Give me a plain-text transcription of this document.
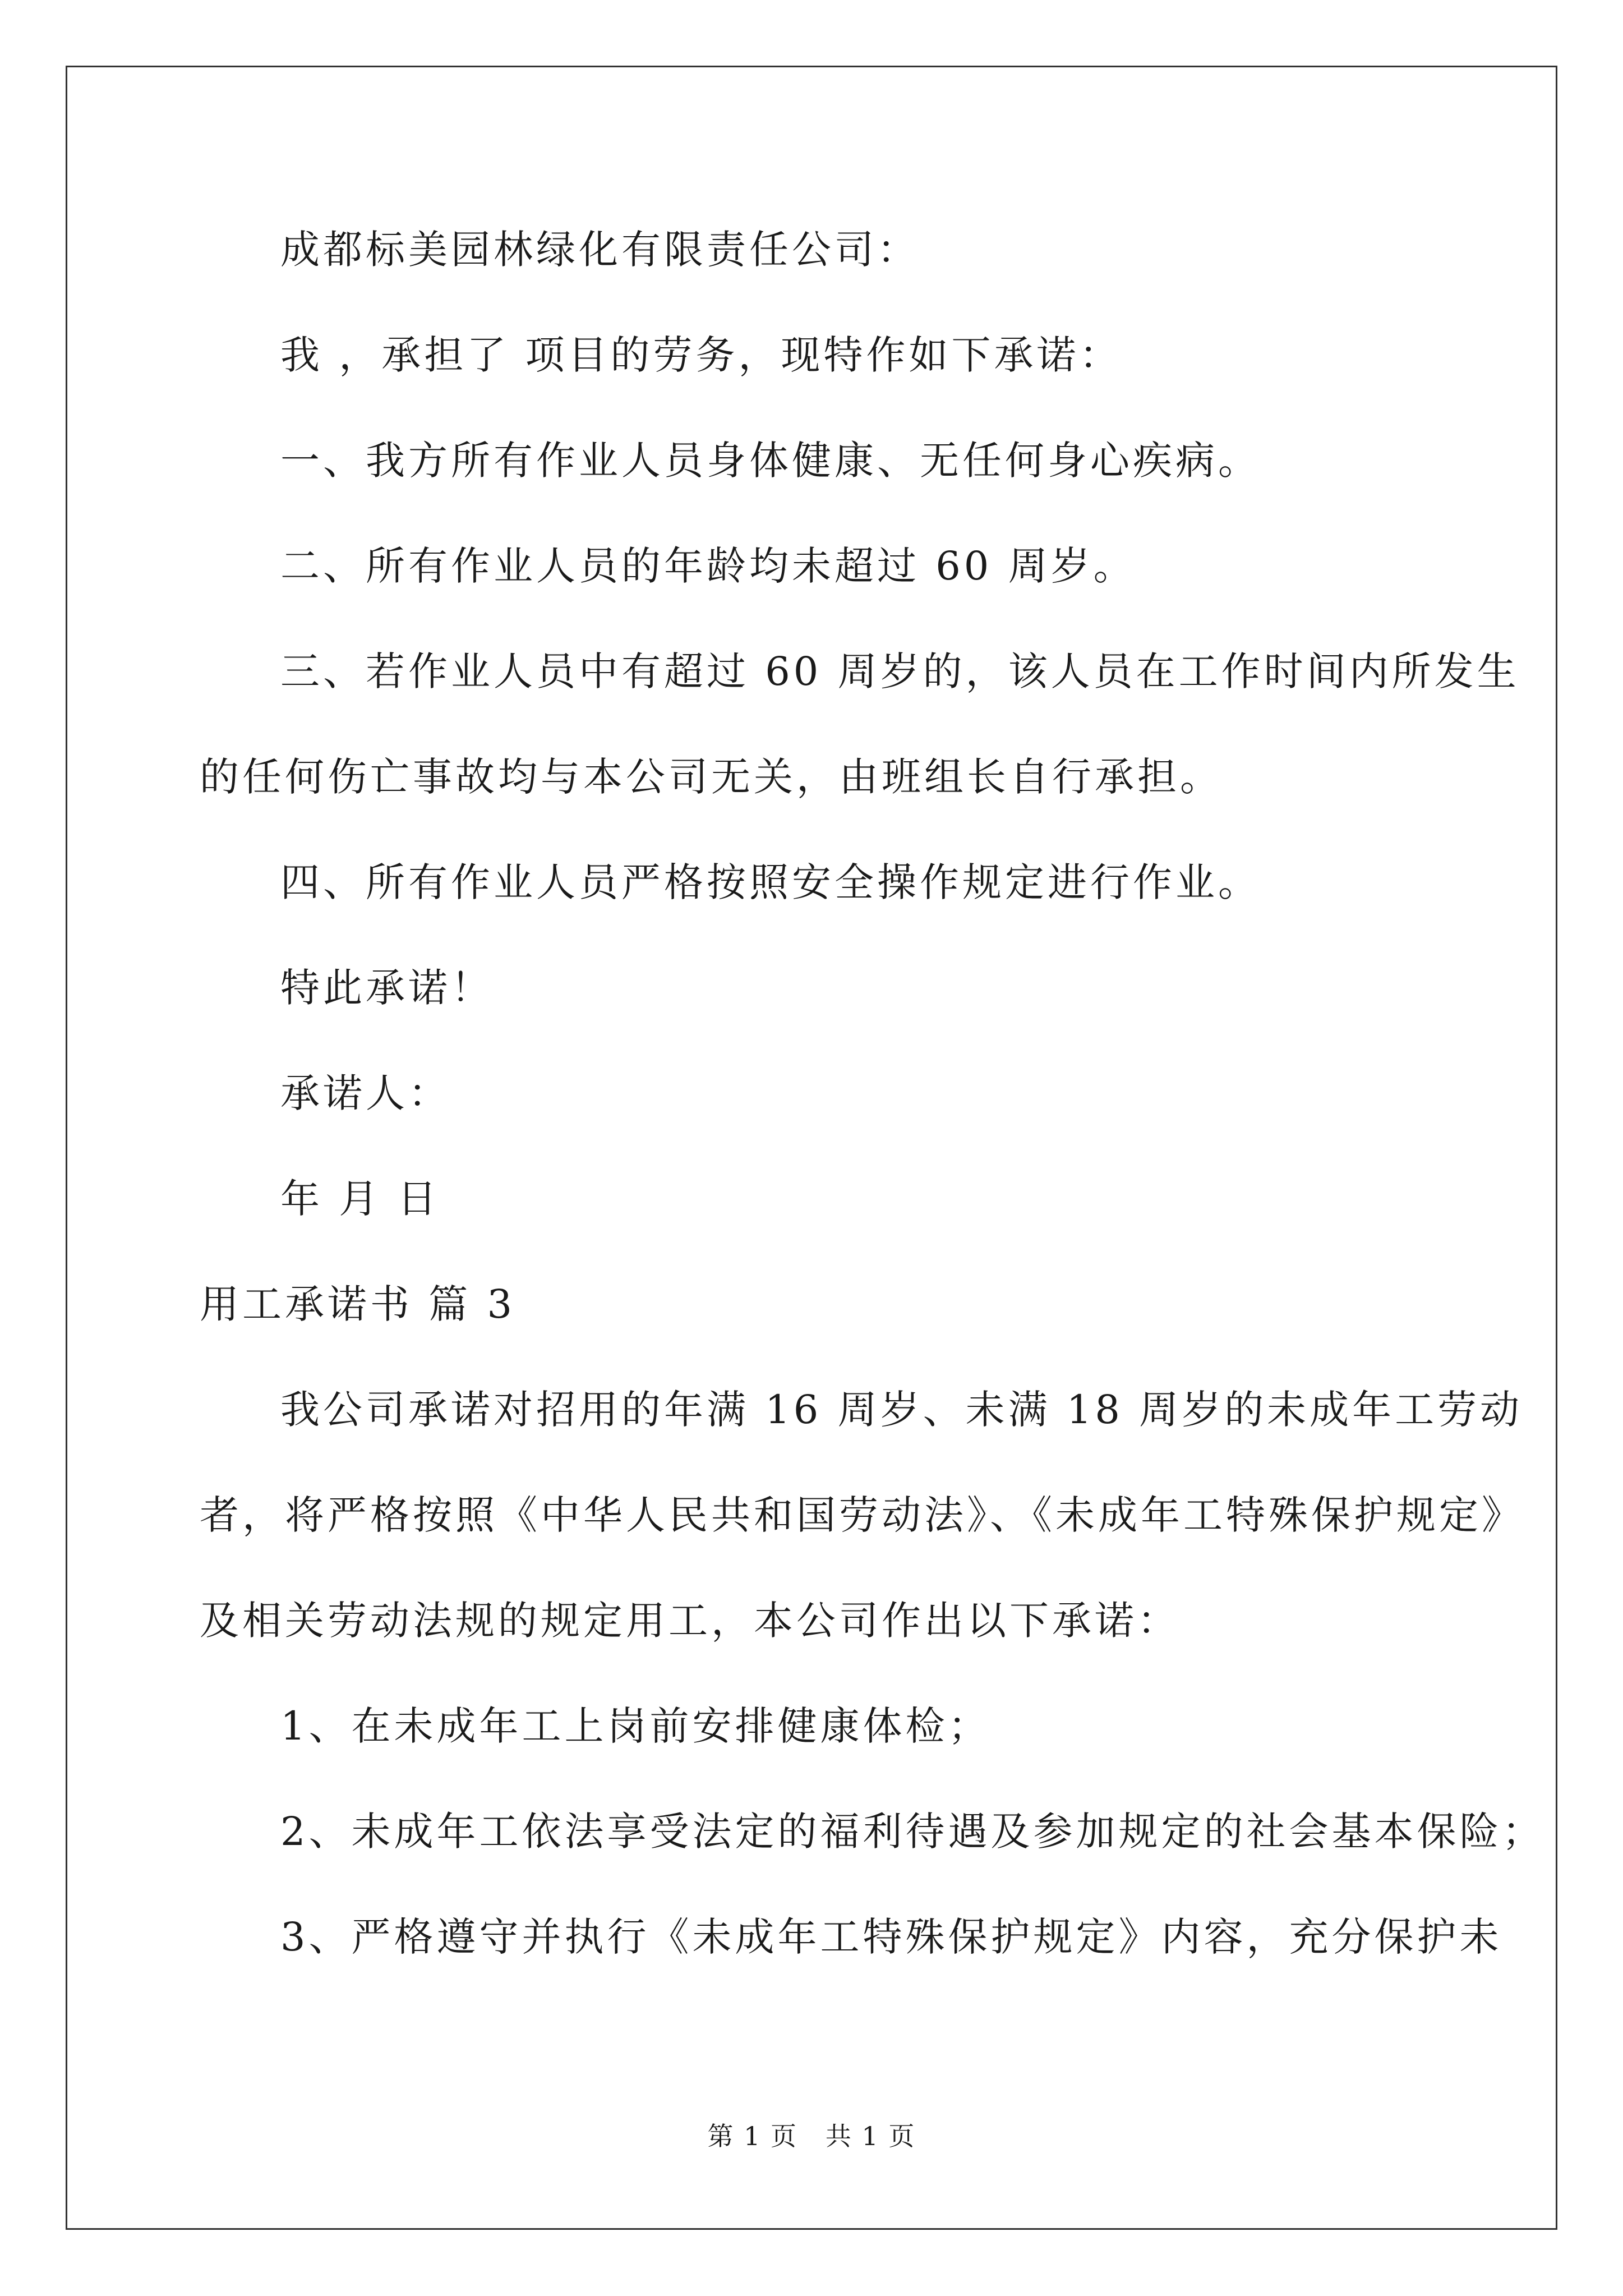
成都标美园林绿化有限责任公司：
我 ，承担了 项目的劳务，现特作如下承诺：
一、我方所有作业人员身体健康、无任何身心疾病。
二、所有作业人员的年龄均未超过 60 周岁。
三、若作业人员中有超过 60 周岁的，该人员在工作时间内所发生
的任何伤亡事故均与本公司无关，由班组长自行承担。
四、所有作业人员严格按照安全操作规定进行作业。
特此承诺！
承诺人：
年 月 日
用工承诺书 篇 3
我公司承诺对招用的年满 16 周岁、未满 18 周岁的未成年工劳动
者，将严格按照《中华人民共和国劳动法》、《未成年工特殊保护规定》
及相关劳动法规的规定用工，本公司作出以下承诺：
1、在未成年工上岗前安排健康体检；
2、未成年工依法享受法定的福利待遇及参加规定的社会基本保险；
3、严格遵守并执行《未成年工特殊保护规定》内容，充分保护未
第 1 页   共 1 页
